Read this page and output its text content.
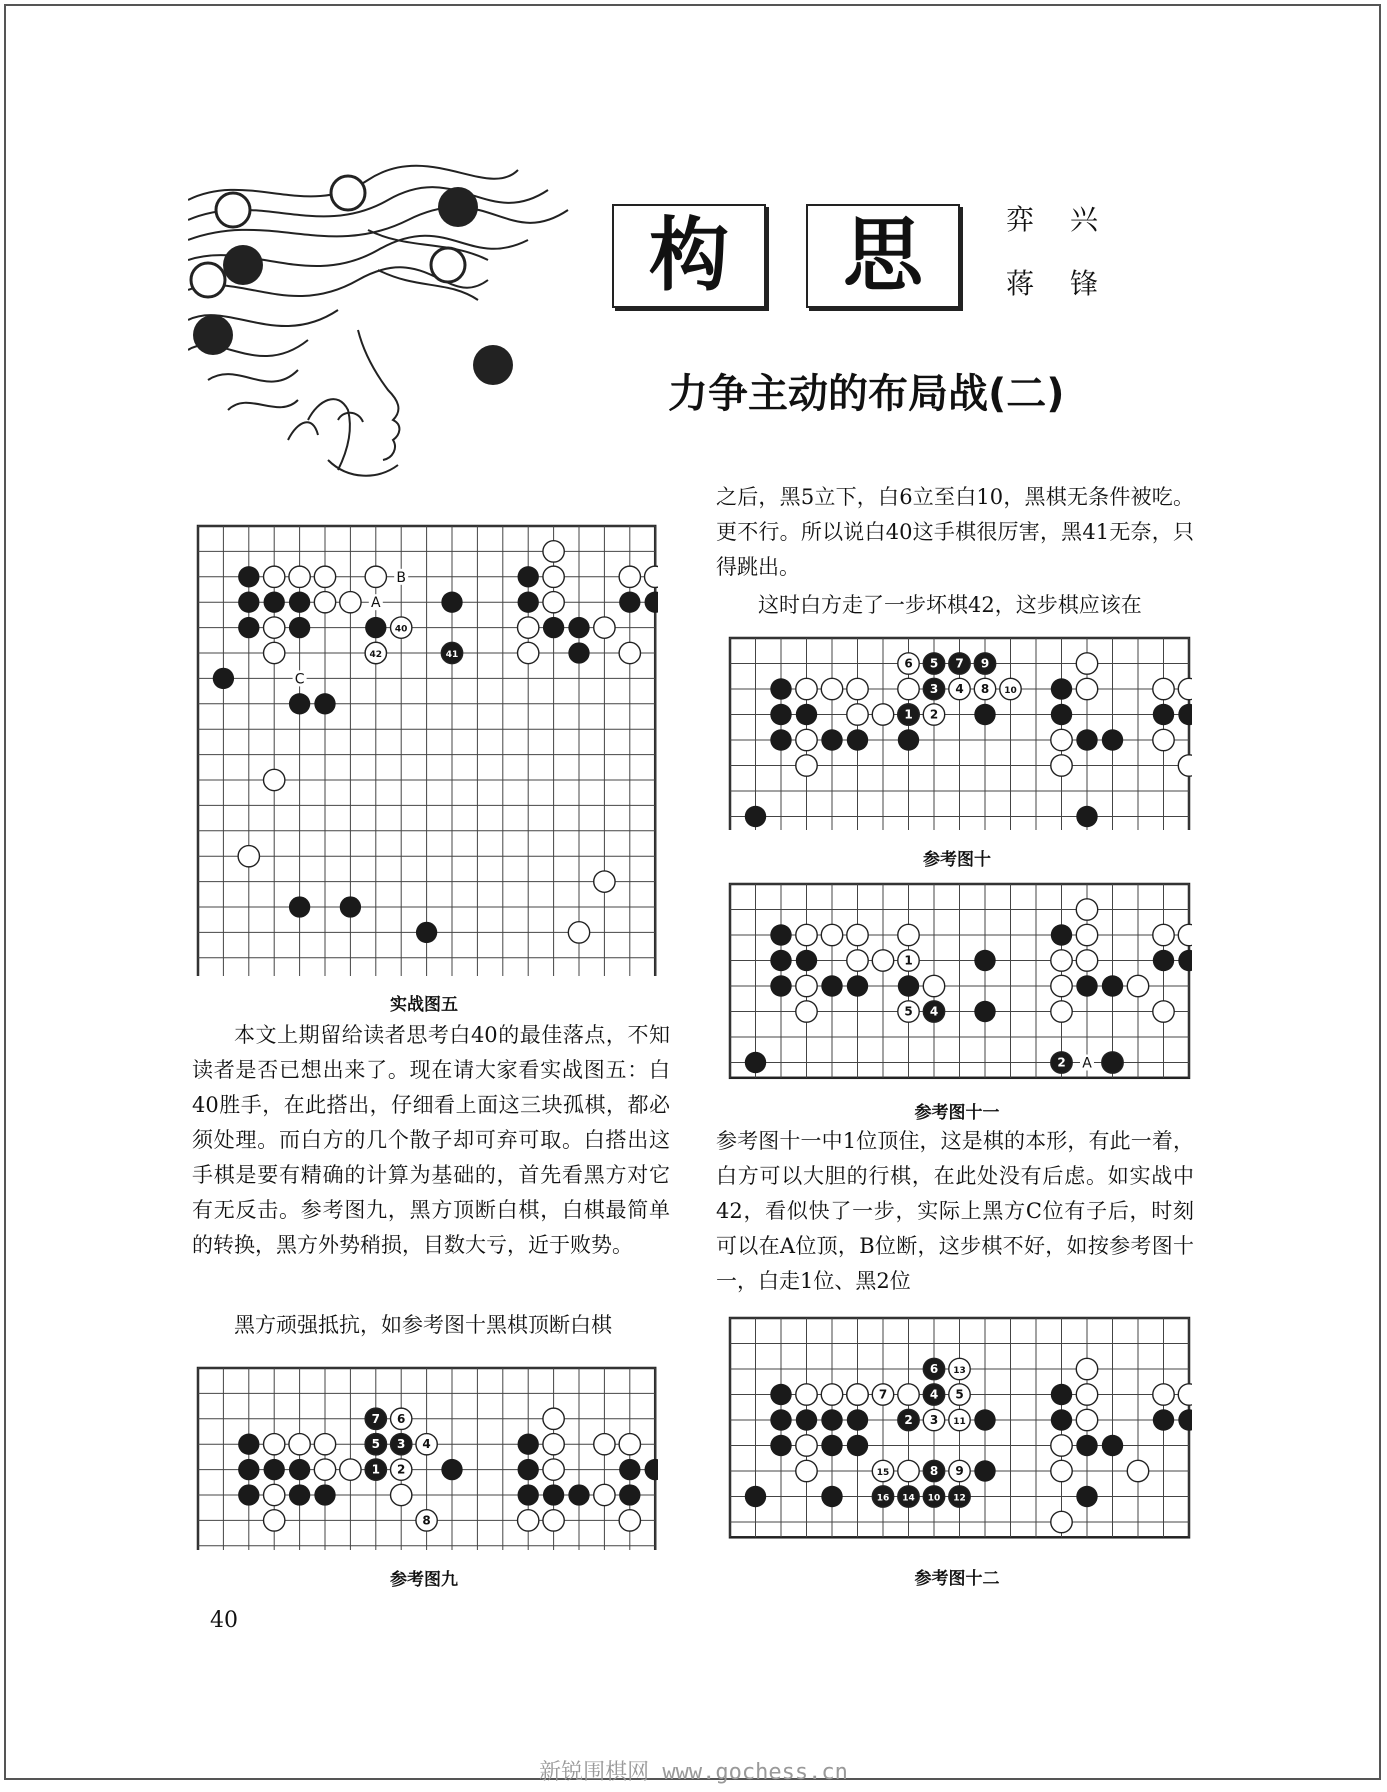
构	思	弈兴
蒋锋
力争主动的布局战(二)
40
42	41
B
A
C
实战图五
7 6
5 3 4
1 2
8
参考图九
6 5 7 9
3 4 8 10
1 2
参考图十
1
2
4
5
A
参考图十一
6 13
7	4 5
2 3 11
15	8 9
16 14 10 12
参考图十二
之后，黑5立下，白6立至白10，黑棋无条件被吃。更不行。所以说白40这手棋很厉害，黑41无奈，只得跳出。
这时白方走了一步坏棋42，这步棋应该在
本文上期留给读者思考白40的最佳落点，不知读者是否已想出来了。现在请大家看实战图五：白40胜手，在此搭出，仔细看上面这三块孤棋，都必须处理。而白方的几个散子却可弃可取。白搭出这手棋是要有精确的计算为基础的，首先看黑方对它有无反击。参考图九，黑方顶断白棋，白棋最简单的转换，黑方外势稍损，目数大亏，近于败势。
黑方顽强抵抗，如参考图十黑棋顶断白棋
参考图十一中1位顶住，这是棋的本形，有此一着，白方可以大胆的行棋，在此处没有后虑。如实战中42，看似快了一步，实际上黑方C位有子后，时刻可以在A位顶，B位断，这步棋不好，如按参考图十一，白走1位、黑2位
40
新锐围棋网 www.gochess.cn
